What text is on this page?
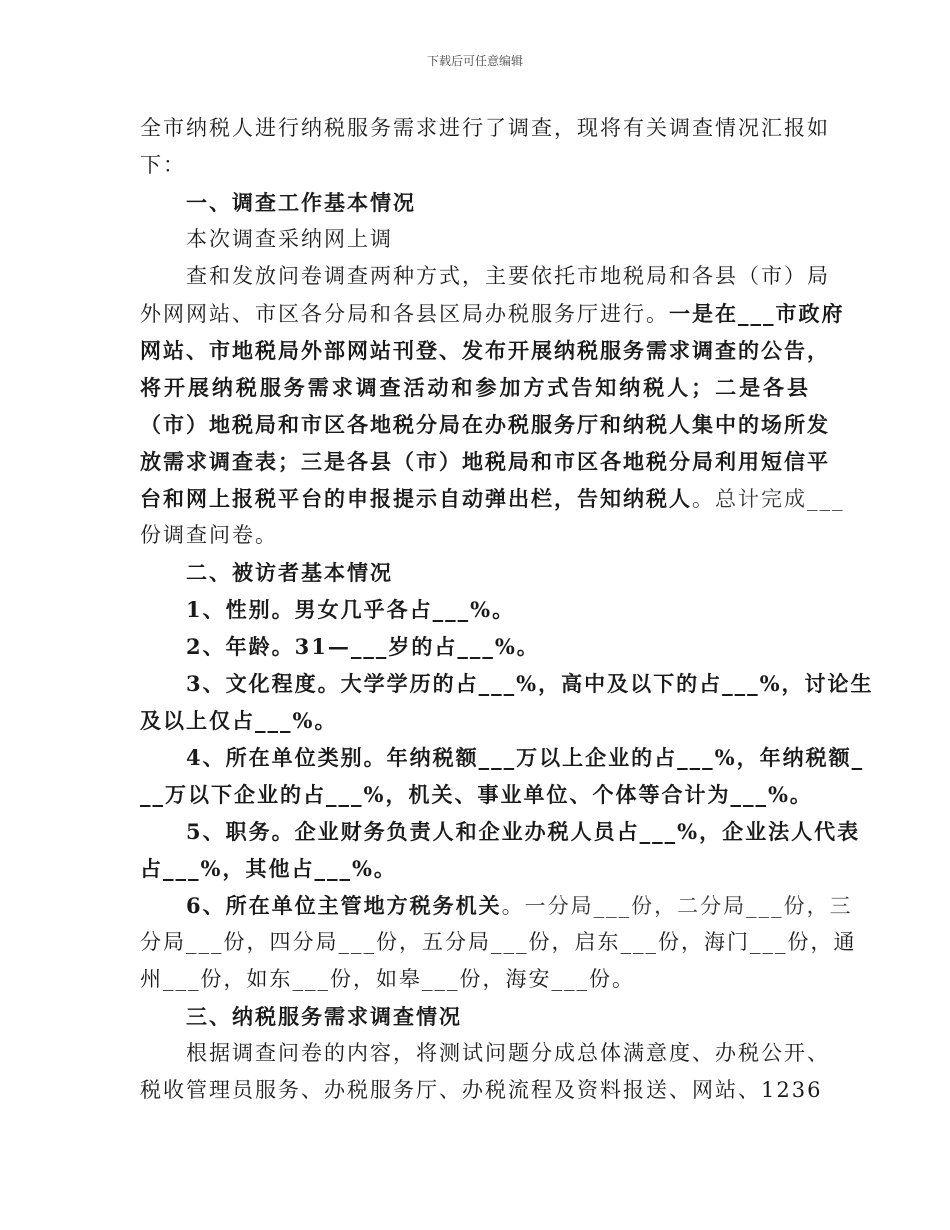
下载后可任意编辑
全市纳税人进行纳税服务需求进行了调查，现将有关调查情况汇报如
下：
一、调查工作基本情况
本次调查采纳网上调
查和发放问卷调查两种方式，主要依托市地税局和各县（市）局
外网网站、市区各分局和各县区局办税服务厅进行。一是在___市政府
网站、市地税局外部网站刊登、发布开展纳税服务需求调查的公告，
将开展纳税服务需求调查活动和参加方式告知纳税人；二是各县
（市）地税局和市区各地税分局在办税服务厅和纳税人集中的场所发
放需求调查表；三是各县（市）地税局和市区各地税分局利用短信平
台和网上报税平台的申报提示自动弹出栏，告知纳税人。总计完成___
份调查问卷。
二、被访者基本情况
1、性别。男女几乎各占___%。
2、年龄。31—___岁的占___%。
3、文化程度。大学学历的占___%，高中及以下的占___%，讨论生
及以上仅占___%。
4、所在单位类别。年纳税额___万以上企业的占___%，年纳税额_
__万以下企业的占___%，机关、事业单位、个体等合计为___%。
5、职务。企业财务负责人和企业办税人员占___%，企业法人代表
占___%，其他占___%。
6、所在单位主管地方税务机关。一分局___份，二分局___份，三
分局___份，四分局___份，五分局___份，启东___份，海门___份，通
州___份，如东___份，如皋___份，海安___份。
三、纳税服务需求调查情况
根据调查问卷的内容，将测试问题分成总体满意度、办税公开、
税收管理员服务、办税服务厅、办税流程及资料报送、网站、1236
